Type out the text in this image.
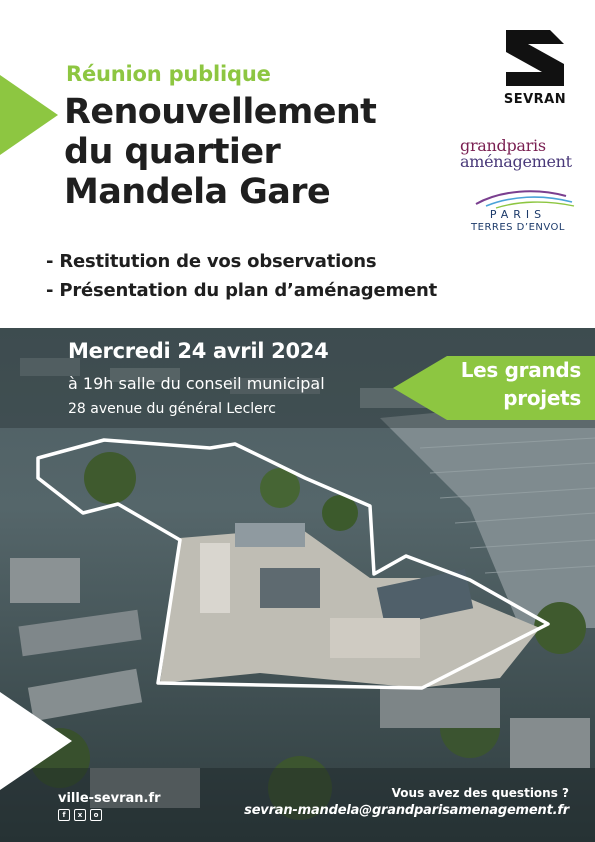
Réunion publique

Renouvellement
du quartier
Mandela Gare
- Restitution de vos observations
- Présentation du plan d’aménagement
SEVRAN
grandparis
aménagement
PARIS
TERRES D’ENVOL

Mercredi 24 avril 2024

à 19h salle du conseil municipal

28 avenue du général Leclerc

Les grands
projets

ville-sevran.fr

f	x	o

Vous avez des questions ?

sevran-mandela@grandparisamenagement.fr
